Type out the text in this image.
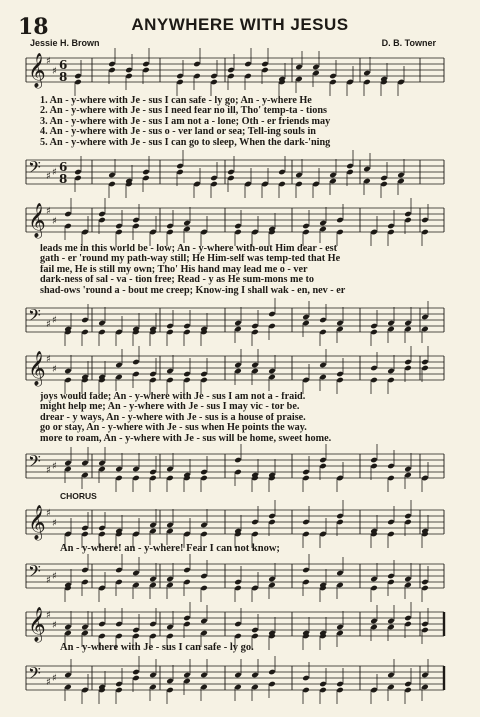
18	ANYWHERE WITH JESUS
Jessie H. Brown	D. B. Towner
𝄞 ♯
♯ 6
8
1. An - y-where with Je - sus I can safe - ly go; An - y-where He
2. An - y-where with Je - sus I need fear no ill, Tho' temp-ta - tions
3. An - y-where with Je - sus I am not a - lone; Oth - er friends may
4. An - y-where with Je - sus o - ver land or sea; Tell-ing souls in
5. An - y-where with Je - sus I can go to sleep, When the dark-'ning
𝄢 ♯ ♯ 6
8
𝄞 ♯
♯
leads me in this world be - low; An - y-where with-out Him dear - est
gath - er 'round my path-way still; He Him-self was temp-ted that He
fail me, He is still my own; Tho' His hand may lead me o - ver
dark-ness of sal - va - tion free; Read - y as He sum-mons me to
shad-ows 'round a - bout me creep; Know-ing I shall wak - en, nev - er
𝄢 ♯ ♯
𝄞 ♯
♯
joys would fade; An - y-where with Je - sus I am not a - fraid.
might help me; An - y-where with Je - sus I may vic - tor be.
drear - y ways, An - y-where with Je - sus is a house of praise.
go or stay, An - y-where with Je - sus when He points the way.
more to roam, An - y-where with Je - sus will be home, sweet home.
𝄢 ♯ ♯
CHORUS
𝄞 ♯
♯
An - y-where! an - y-where! Fear I can not know;
𝄢 ♯ ♯
𝄞 ♯
♯
An - y-where with Je - sus I can safe - ly go.
𝄢 ♯ ♯
